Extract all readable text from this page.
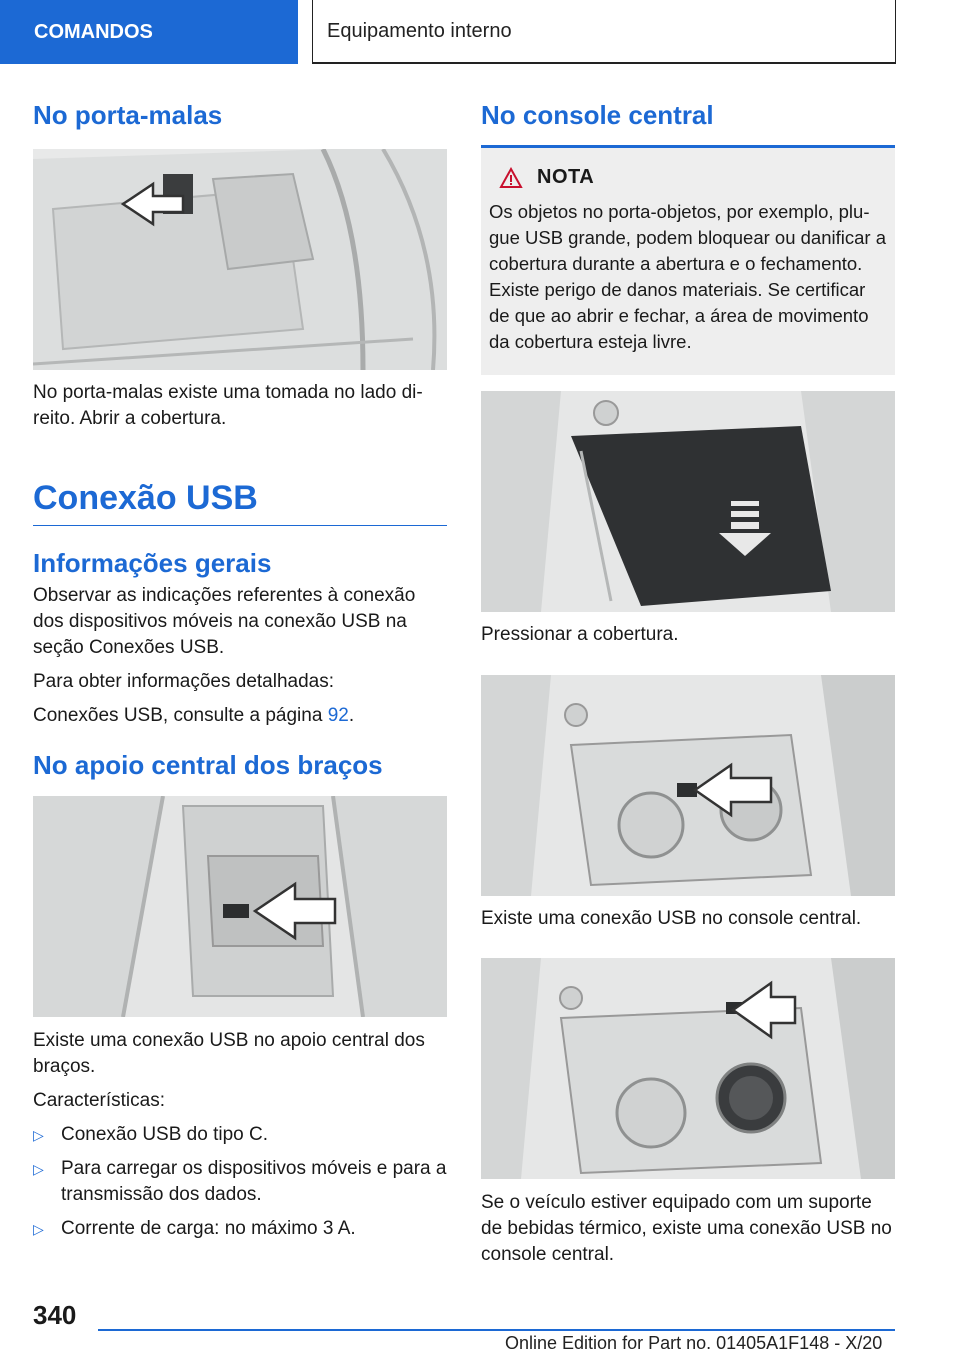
COMANDOS	Equipamento interno
No porta-malas

No porta-malas existe uma tomada no lado di-reito. Abrir a cobertura.

Conexão USB
Informações gerais

Observar as indicações referentes à conexão dos dispositivos móveis na conexão USB na seção Conexões USB.

Para obter informações detalhadas:

Conexões USB, consulte a página 92.

No apoio central dos braços

Existe uma conexão USB no apoio central dos braços.

Características:

▷ Conexão USB do tipo C.
▷ Para carregar os dispositivos móveis e para a transmissão dos dados.
▷ Corrente de carga: no máximo 3 A.
No console central
NOTA

Os objetos no porta-objetos, por exemplo, plu-gue USB grande, podem bloquear ou danificar a cobertura durante a abertura e o fechamento. Existe perigo de danos materiais. Se certificar de que ao abrir e fechar, a área de movimento da cobertura esteja livre.

Pressionar a cobertura.

Existe uma conexão USB no console central.

Se o veículo estiver equipado com um suporte de bebidas térmico, existe uma conexão USB no console central.

340
Online Edition for Part no. 01405A1F148 - X/20
